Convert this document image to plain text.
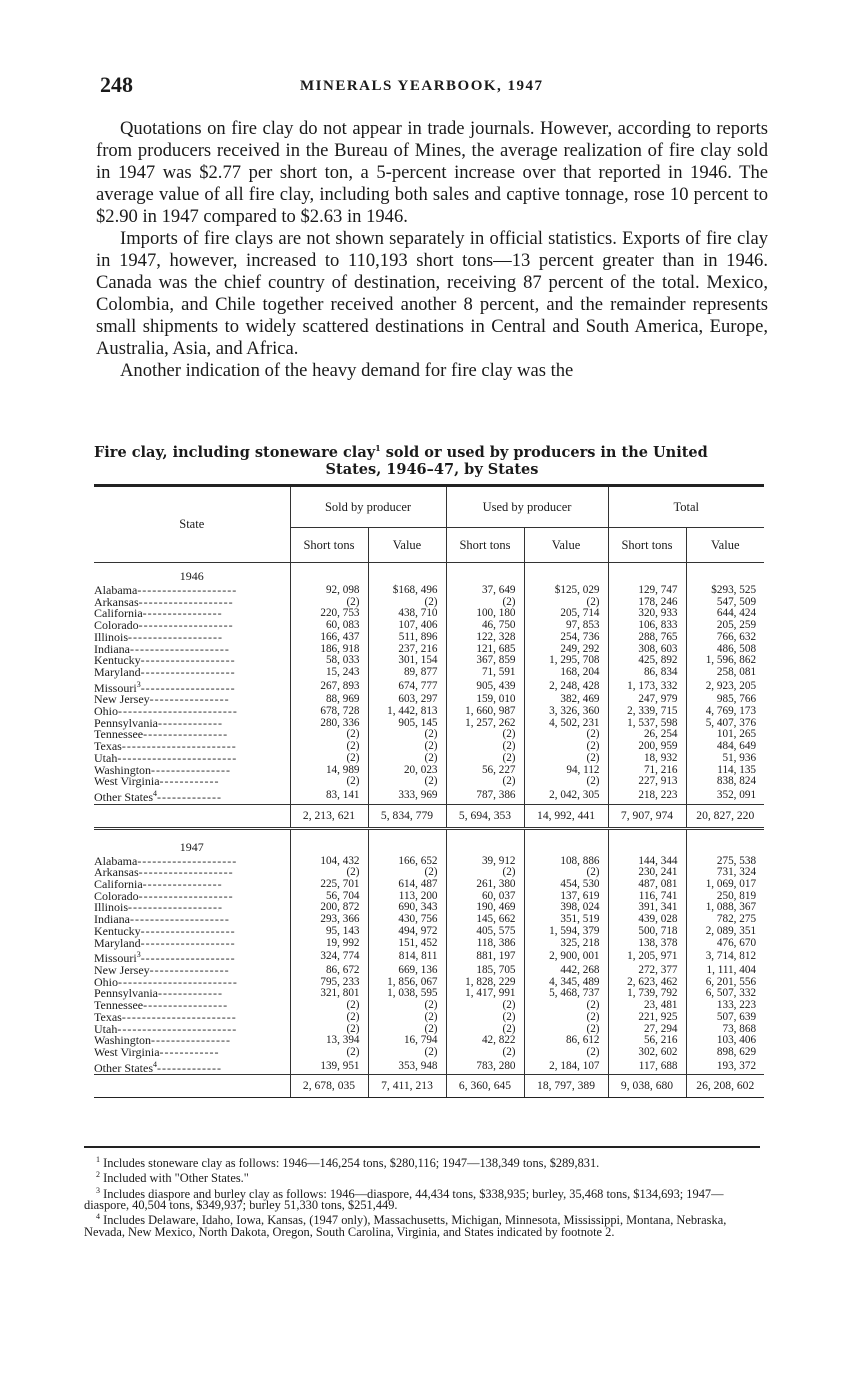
248	MINERALS YEARBOOK, 1947

Quotations on fire clay do not appear in trade journals. However, according to reports from producers received in the Bureau of Mines, the average realization of fire clay sold in 1947 was $2.77 per short ton, a 5-percent increase over that reported in 1946. The average value of all fire clay, including both sales and captive tonnage, rose 10 percent to $2.90 in 1947 compared to $2.63 in 1946.

Imports of fire clays are not shown separately in official statistics. Exports of fire clay in 1947, however, increased to 110,193 short tons—13 percent greater than in 1946. Canada was the chief country of destination, receiving 87 percent of the total. Mexico, Colombia, and Chile together received another 8 percent, and the remainder represents small shipments to widely scattered destinations in Central and South America, Europe, Australia, Asia, and Africa.

Another indication of the heavy demand for fire clay was the

Fire clay, including stoneware clay$^1$ sold or used by producers in the United
States, 1946–47, by States
State	Sold by producer		Used by producer		Total	
	Short tons	Value	Short tons	Value	Short tons	Value

1946						
Alabama--------------------	92, 098	$168, 496	37, 649	$125, 029	129, 747	$293, 525
Arkansas-------------------	(2)	(2)	(2)	(2)	178, 246	547, 509
California----------------	220, 753	438, 710	100, 180	205, 714	320, 933	644, 424
Colorado-------------------	60, 083	107, 406	46, 750	97, 853	106, 833	205, 259
Illinois-------------------	166, 437	511, 896	122, 328	254, 736	288, 765	766, 632
Indiana--------------------	186, 918	237, 216	121, 685	249, 292	308, 603	486, 508
Kentucky-------------------	58, 033	301, 154	367, 859	1, 295, 708	425, 892	1, 596, 862
Maryland-------------------	15, 243	89, 877	71, 591	168, 204	86, 834	258, 081
Missouri$^3$-------------------	267, 893	674, 777	905, 439	2, 248, 428	1, 173, 332	2, 923, 205
New Jersey----------------	88, 969	603, 297	159, 010	382, 469	247, 979	985, 766
Ohio------------------------	678, 728	1, 442, 813	1, 660, 987	3, 326, 360	2, 339, 715	4, 769, 173
Pennsylvania-------------	280, 336	905, 145	1, 257, 262	4, 502, 231	1, 537, 598	5, 407, 376
Tennessee-----------------	(2)	(2)	(2)	(2)	26, 254	101, 265
Texas-----------------------	(2)	(2)	(2)	(2)	200, 959	484, 649
Utah------------------------	(2)	(2)	(2)	(2)	18, 932	51, 936
Washington----------------	14, 989	20, 023	56, 227	94, 112	71, 216	114, 135
West Virginia------------	(2)	(2)	(2)	(2)	227, 913	838, 824
Other States$^4$-------------	83, 141	333, 969	787, 386	2, 042, 305	218, 223	352, 091
	2, 213, 621	5, 834, 779	5, 694, 353	14, 992, 441	7, 907, 974	20, 827, 220

1947						
Alabama--------------------	104, 432	166, 652	39, 912	108, 886	144, 344	275, 538
Arkansas-------------------	(2)	(2)	(2)	(2)	230, 241	731, 324
California----------------	225, 701	614, 487	261, 380	454, 530	487, 081	1, 069, 017
Colorado-------------------	56, 704	113, 200	60, 037	137, 619	116, 741	250, 819
Illinois-------------------	200, 872	690, 343	190, 469	398, 024	391, 341	1, 088, 367
Indiana--------------------	293, 366	430, 756	145, 662	351, 519	439, 028	782, 275
Kentucky-------------------	95, 143	494, 972	405, 575	1, 594, 379	500, 718	2, 089, 351
Maryland-------------------	19, 992	151, 452	118, 386	325, 218	138, 378	476, 670
Missouri$^3$-------------------	324, 774	814, 811	881, 197	2, 900, 001	1, 205, 971	3, 714, 812
New Jersey----------------	86, 672	669, 136	185, 705	442, 268	272, 377	1, 111, 404
Ohio------------------------	795, 233	1, 856, 067	1, 828, 229	4, 345, 489	2, 623, 462	6, 201, 556
Pennsylvania-------------	321, 801	1, 038, 595	1, 417, 991	5, 468, 737	1, 739, 792	6, 507, 332
Tennessee-----------------	(2)	(2)	(2)	(2)	23, 481	133, 223
Texas-----------------------	(2)	(2)	(2)	(2)	221, 925	507, 639
Utah------------------------	(2)	(2)	(2)	(2)	27, 294	73, 868
Washington----------------	13, 394	16, 794	42, 822	86, 612	56, 216	103, 406
West Virginia------------	(2)	(2)	(2)	(2)	302, 602	898, 629
Other States$^4$-------------	139, 951	353, 948	783, 280	2, 184, 107	117, 688	193, 372
	2, 678, 035	7, 411, 213	6, 360, 645	18, 797, 389	9, 038, 680	26, 208, 602

$^1$ Includes stoneware clay as follows: 1946—146,254 tons, $280,116; 1947—138,349 tons, $289,831.

$^2$ Included with "Other States."

$^3$ Includes diaspore and burley clay as follows: 1946—diaspore, 44,434 tons, $338,935; burley, 35,468 tons, $134,693; 1947—diaspore, 40,504 tons, $349,937; burley 51,330 tons, $251,449.

$^4$ Includes Delaware, Idaho, Iowa, Kansas, (1947 only), Massachusetts, Michigan, Minnesota, Mississippi, Montana, Nebraska, Nevada, New Mexico, North Dakota, Oregon, South Carolina, Virginia, and States indicated by footnote 2.
